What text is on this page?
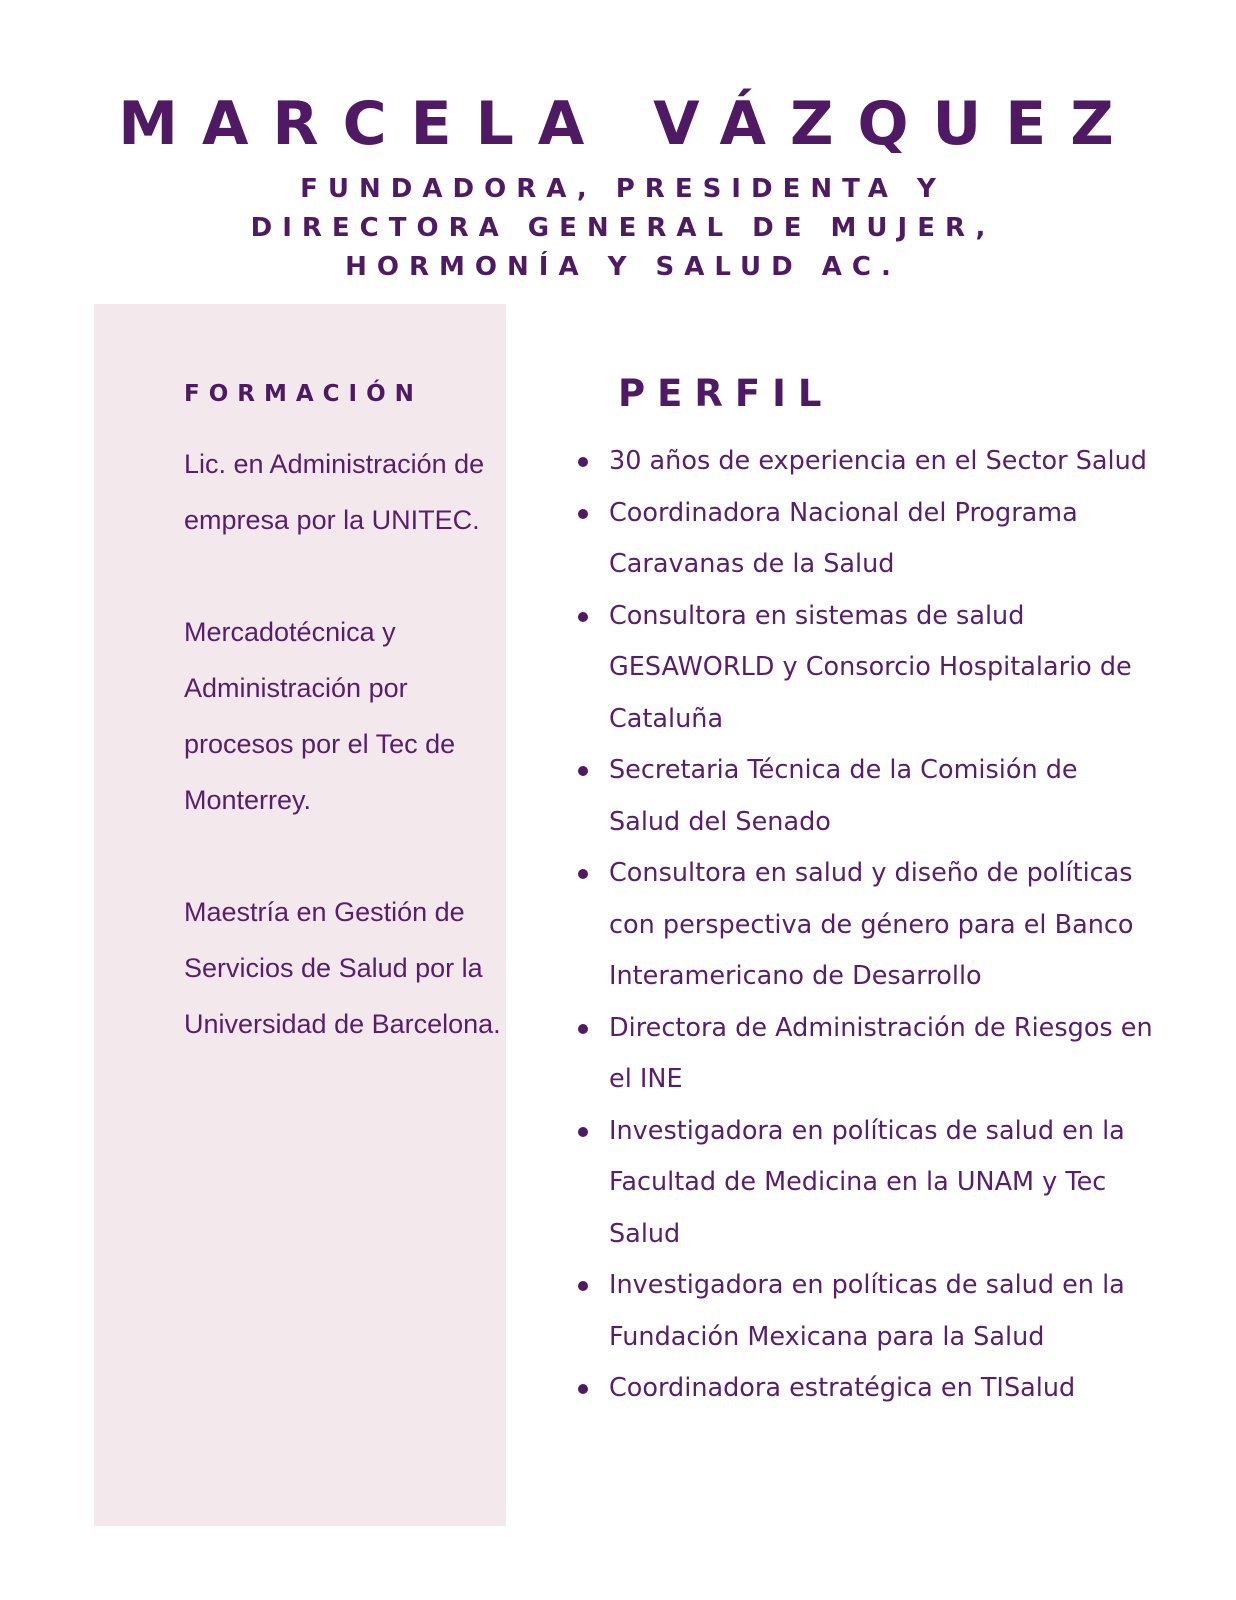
MARCELA VÁZQUEZ
FUNDADORA, PRESIDENTA Y
DIRECTORA GENERAL DE MUJER,
HORMONÍA Y SALUD AC.
FORMACIÓN
Lic. en Administración de
empresa por la UNITEC.
Mercadotécnica y
Administración por
procesos por el Tec de
Monterrey.
Maestría en Gestión de
Servicios de Salud por la
Universidad de Barcelona.
PERFIL
30 años de experiencia en el Sector Salud
Coordinadora Nacional del Programa
Caravanas de la Salud
Consultora en sistemas de salud
GESAWORLD y Consorcio Hospitalario de
Cataluña
Secretaria Técnica de la Comisión de
Salud del Senado
Consultora en salud y diseño de políticas
con perspectiva de género para el Banco
Interamericano de Desarrollo
Directora de Administración de Riesgos en
el INE
Investigadora en políticas de salud en la
Facultad de Medicina en la UNAM y Tec
Salud
Investigadora en políticas de salud en la
Fundación Mexicana para la Salud
Coordinadora estratégica en TISalud
